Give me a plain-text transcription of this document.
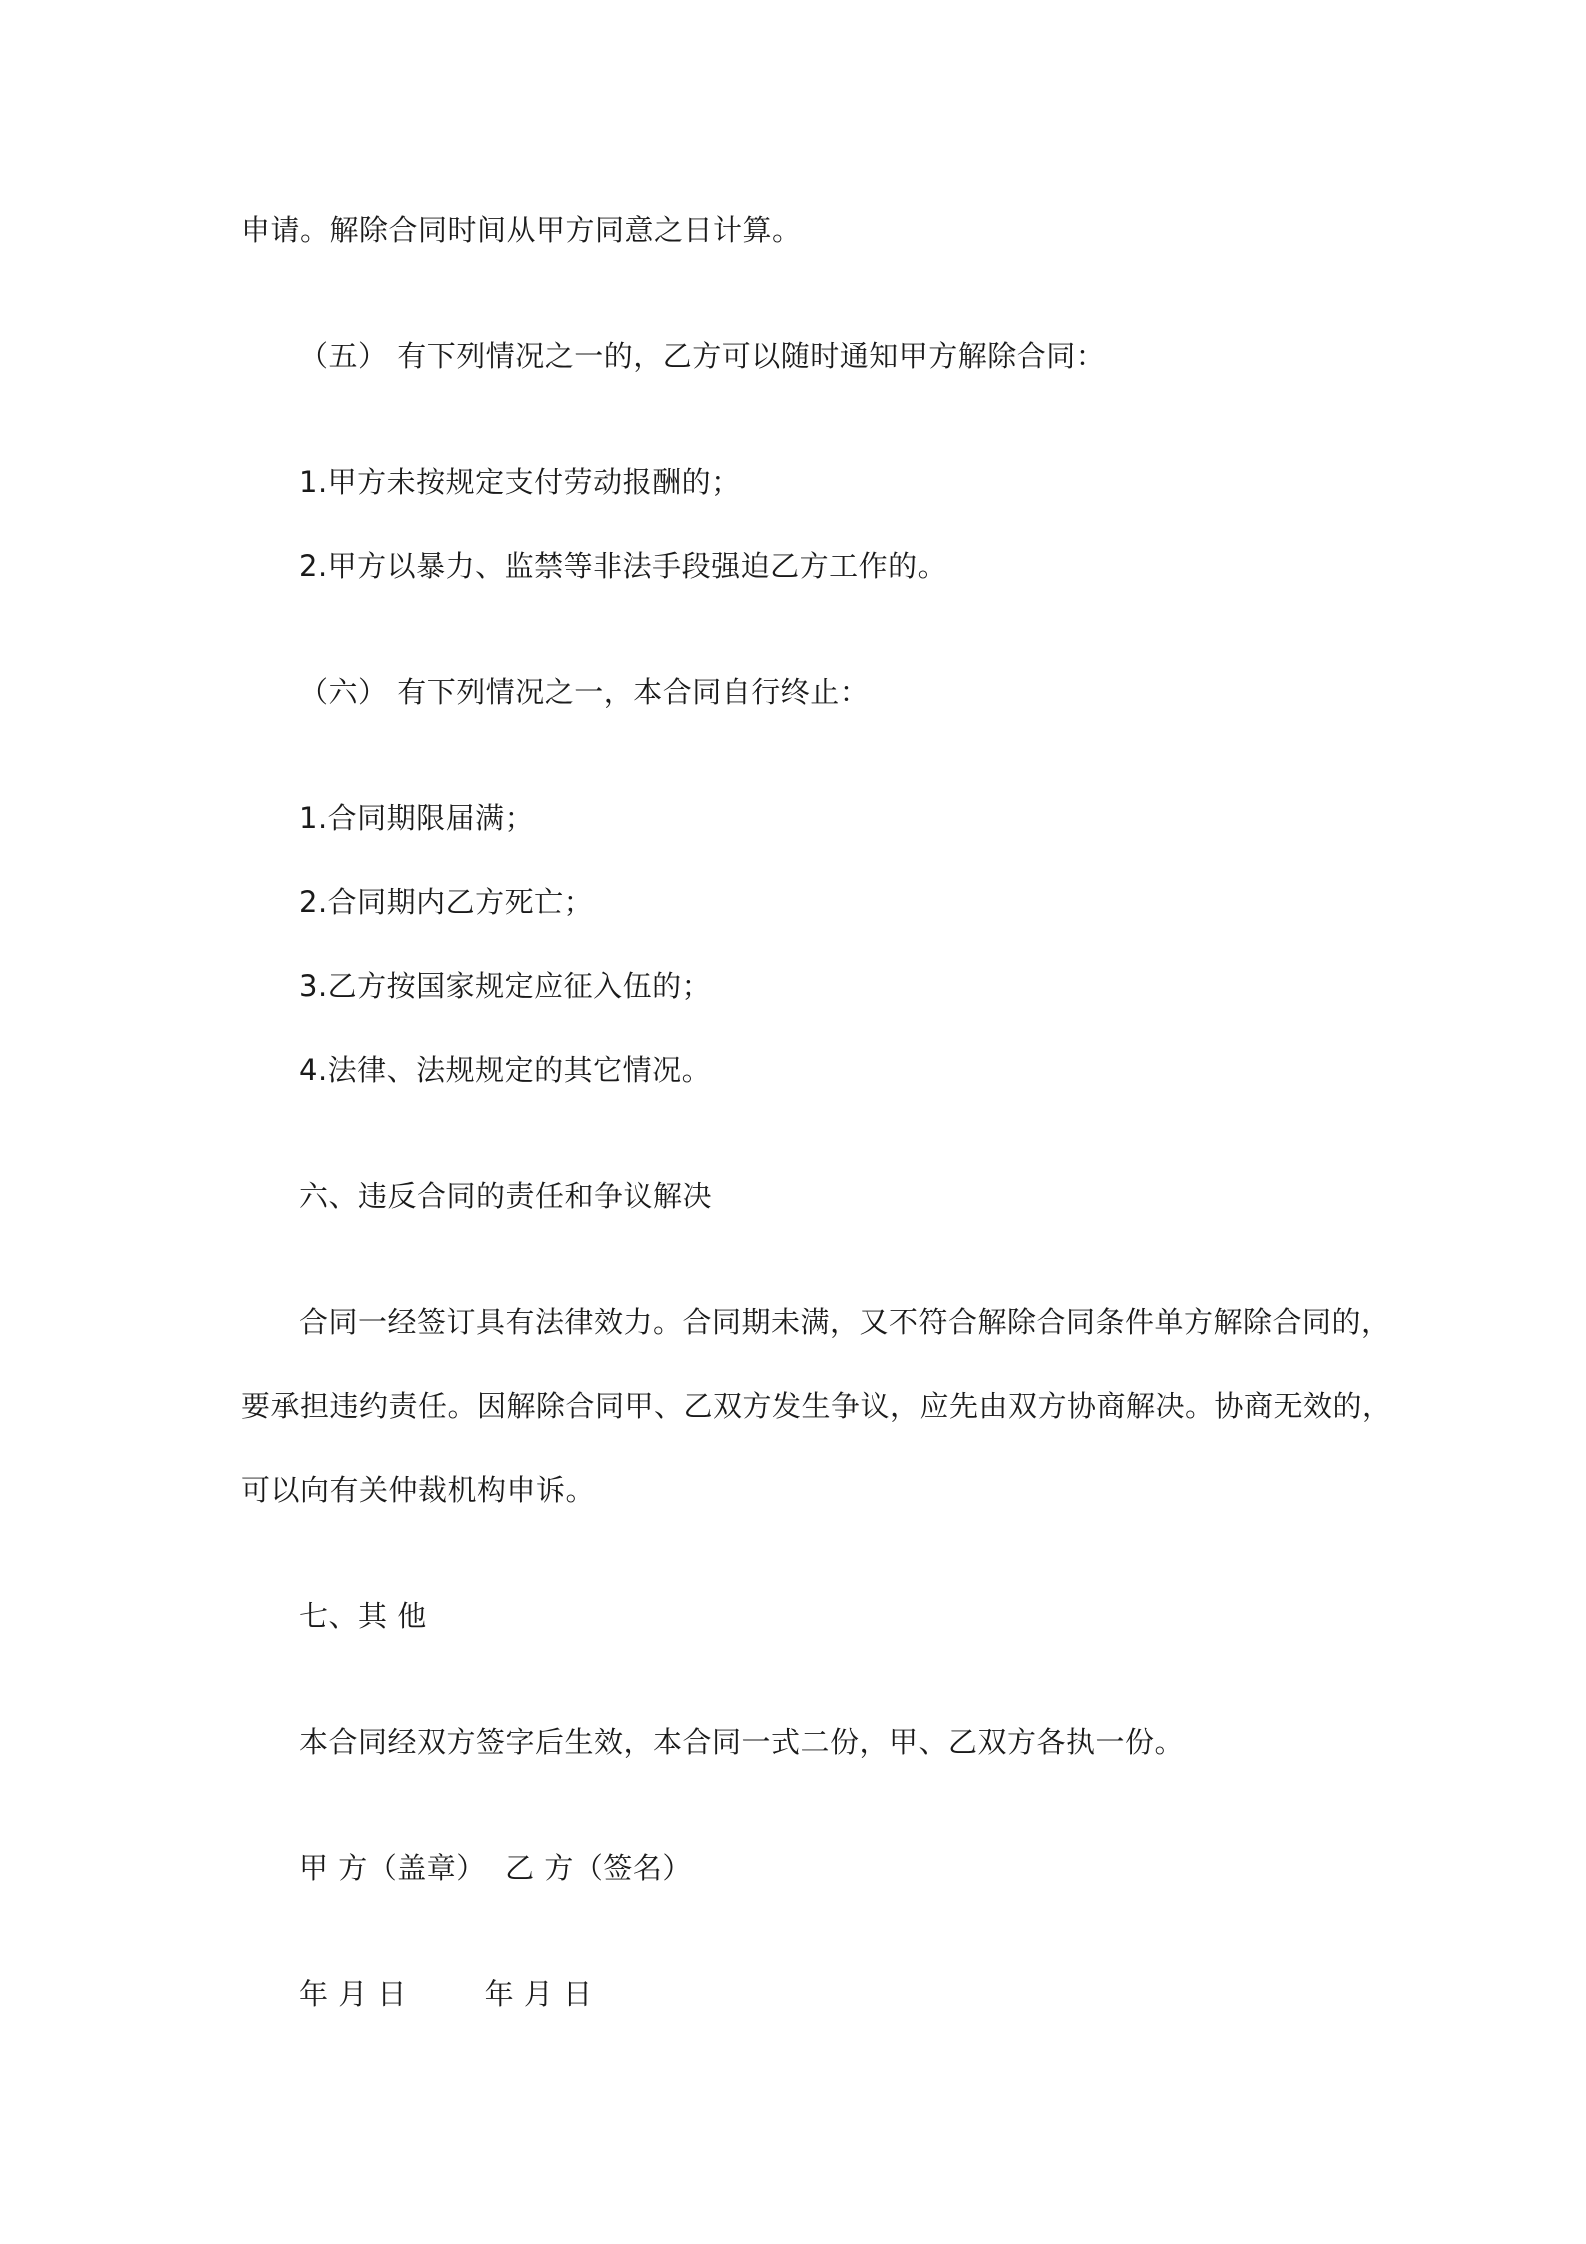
申请。解除合同时间从甲方同意之日计算。
（五） 有下列情况之一的，乙方可以随时通知甲方解除合同：
1.甲方未按规定支付劳动报酬的；
2.甲方以暴力、监禁等非法手段强迫乙方工作的。
（六） 有下列情况之一，本合同自行终止：
1.合同期限届满；
2.合同期内乙方死亡；
3.乙方按国家规定应征入伍的；
4.法律、法规规定的其它情况。
六、违反合同的责任和争议解决
合同一经签订具有法律效力。合同期未满，又不符合解除合同条件单方解除合同的，
要承担违约责任。因解除合同甲、乙双方发生争议，应先由双方协商解决。协商无效的，
可以向有关仲裁机构申诉。
七、其 他
本合同经双方签字后生效，本合同一式二份，甲、乙双方各执一份。
甲 方（盖章）  乙 方（签名）
年 月 日        年 月 日
